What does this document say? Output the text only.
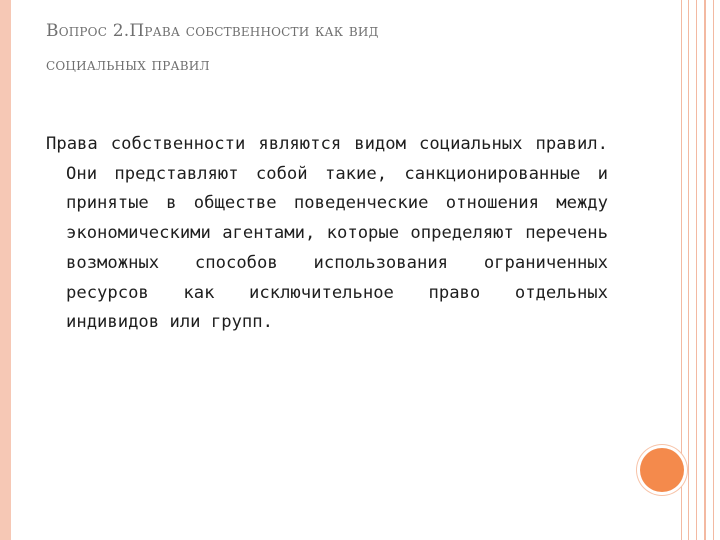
Вопрос 2.Права собственности как вид
социальных правил
Права собственности являются видом социальных правил. Они представляют собой такие, санкционированные и принятые в обществе поведенческие отношения между экономическими агентами, которые определяют перечень возможных способов использования ограниченных ресурсов как исключительное право отдельных индивидов или групп.
